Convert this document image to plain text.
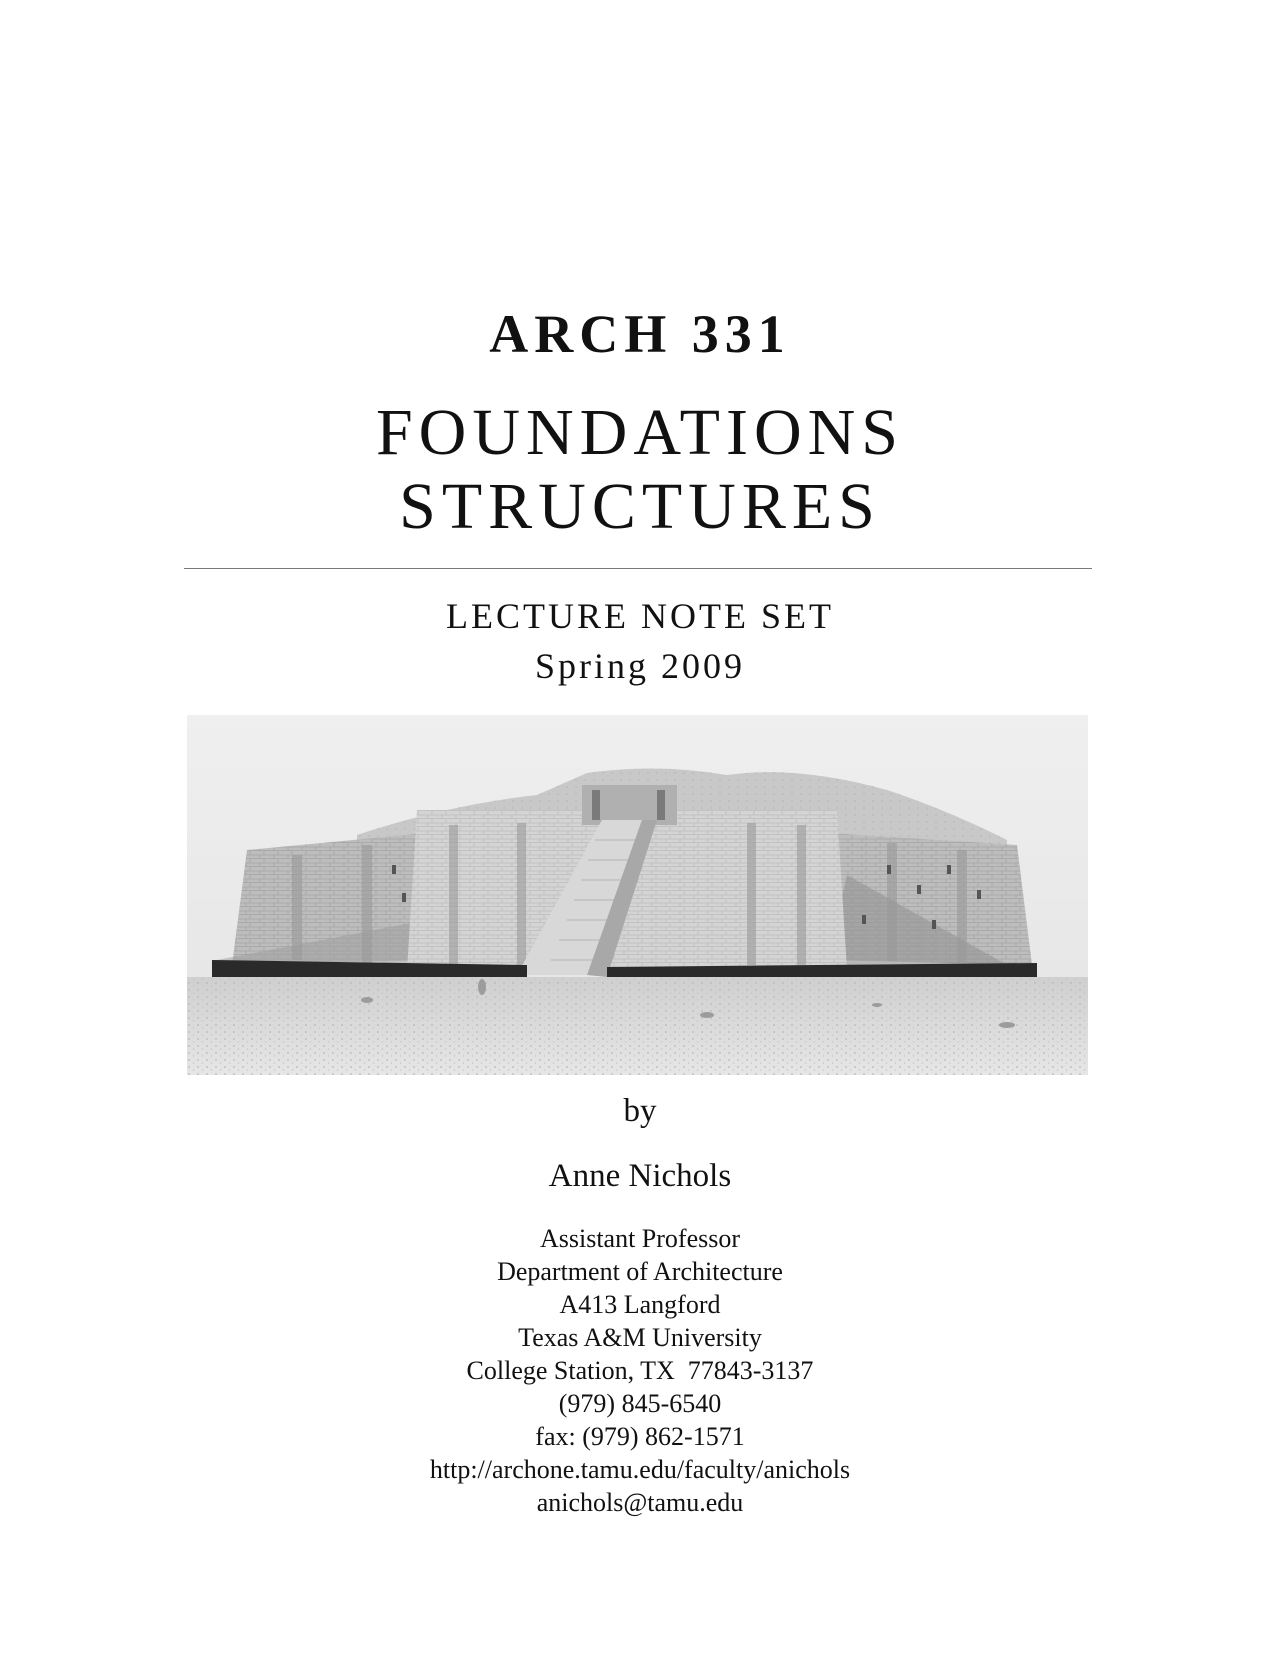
ARCH 331
FOUNDATIONS
STRUCTURES
LECTURE NOTE SET
Spring 2009
by
Anne Nichols
Assistant Professor
Department of Architecture
A413 Langford
Texas A&M University
College Station, TX  77843-3137
(979) 845-6540
fax: (979) 862-1571
http://archone.tamu.edu/faculty/anichols
anichols@tamu.edu
